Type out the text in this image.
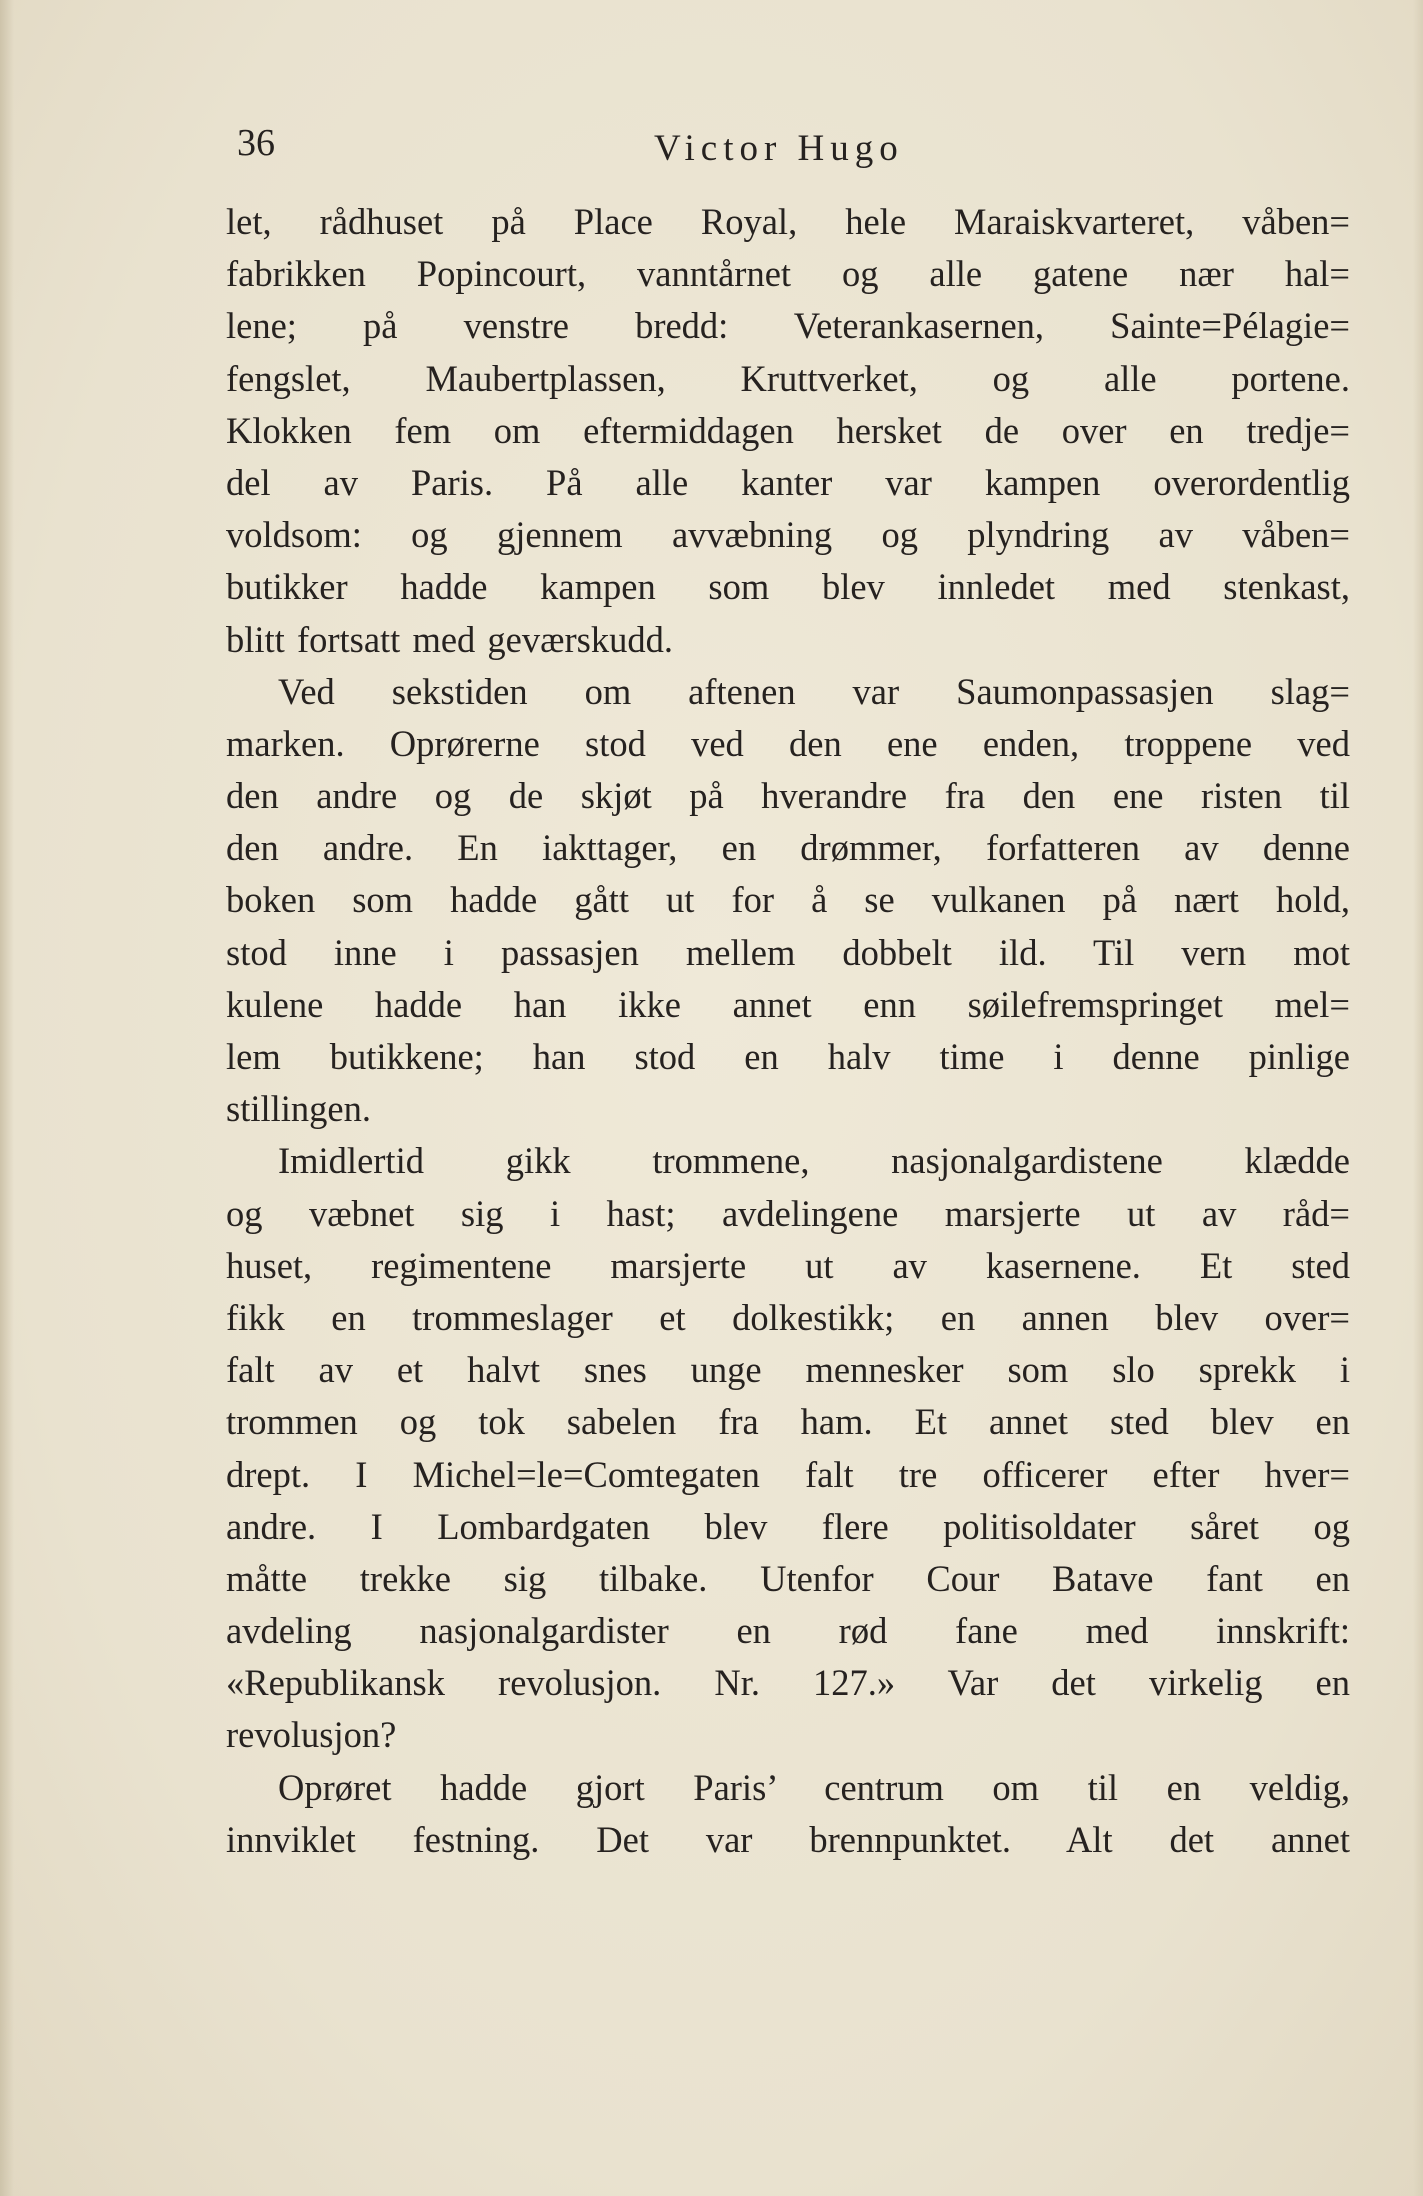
36	Victor Hugo
let, rådhuset på Place Royal, hele Maraiskvarteret, våben=
fabrikken Popincourt, vanntårnet og alle gatene nær hal=
lene; på venstre bredd: Veterankasernen, Sainte=Pélagie=
fengslet, Maubertplassen, Kruttverket, og alle portene.
Klokken fem om eftermiddagen hersket de over en tredje=
del av Paris. På alle kanter var kampen overordentlig
voldsom: og gjennem avvæbning og plyndring av våben=
butikker hadde kampen som blev innledet med stenkast,
blitt fortsatt med geværskudd.
Ved sekstiden om aftenen var Saumonpassasjen slag=
marken. Oprørerne stod ved den ene enden, troppene ved
den andre og de skjøt på hverandre fra den ene risten til
den andre. En iakttager, en drømmer, forfatteren av denne
boken som hadde gått ut for å se vulkanen på nært hold,
stod inne i passasjen mellem dobbelt ild. Til vern mot
kulene hadde han ikke annet enn søilefremspringet mel=
lem butikkene; han stod en halv time i denne pinlige
stillingen.
Imidlertid gikk trommene, nasjonalgardistene klædde
og væbnet sig i hast; avdelingene marsjerte ut av råd=
huset, regimentene marsjerte ut av kasernene. Et sted
fikk en trommeslager et dolkestikk; en annen blev over=
falt av et halvt snes unge mennesker som slo sprekk i
trommen og tok sabelen fra ham. Et annet sted blev en
drept. I Michel=le=Comtegaten falt tre officerer efter hver=
andre. I Lombardgaten blev flere politisoldater såret og
måtte trekke sig tilbake. Utenfor Cour Batave fant en
avdeling nasjonalgardister en rød fane med innskrift:
«Republikansk revolusjon. Nr. 127.» Var det virkelig en
revolusjon?
Oprøret hadde gjort Paris’ centrum om til en veldig,
innviklet festning. Det var brennpunktet. Alt det annet
